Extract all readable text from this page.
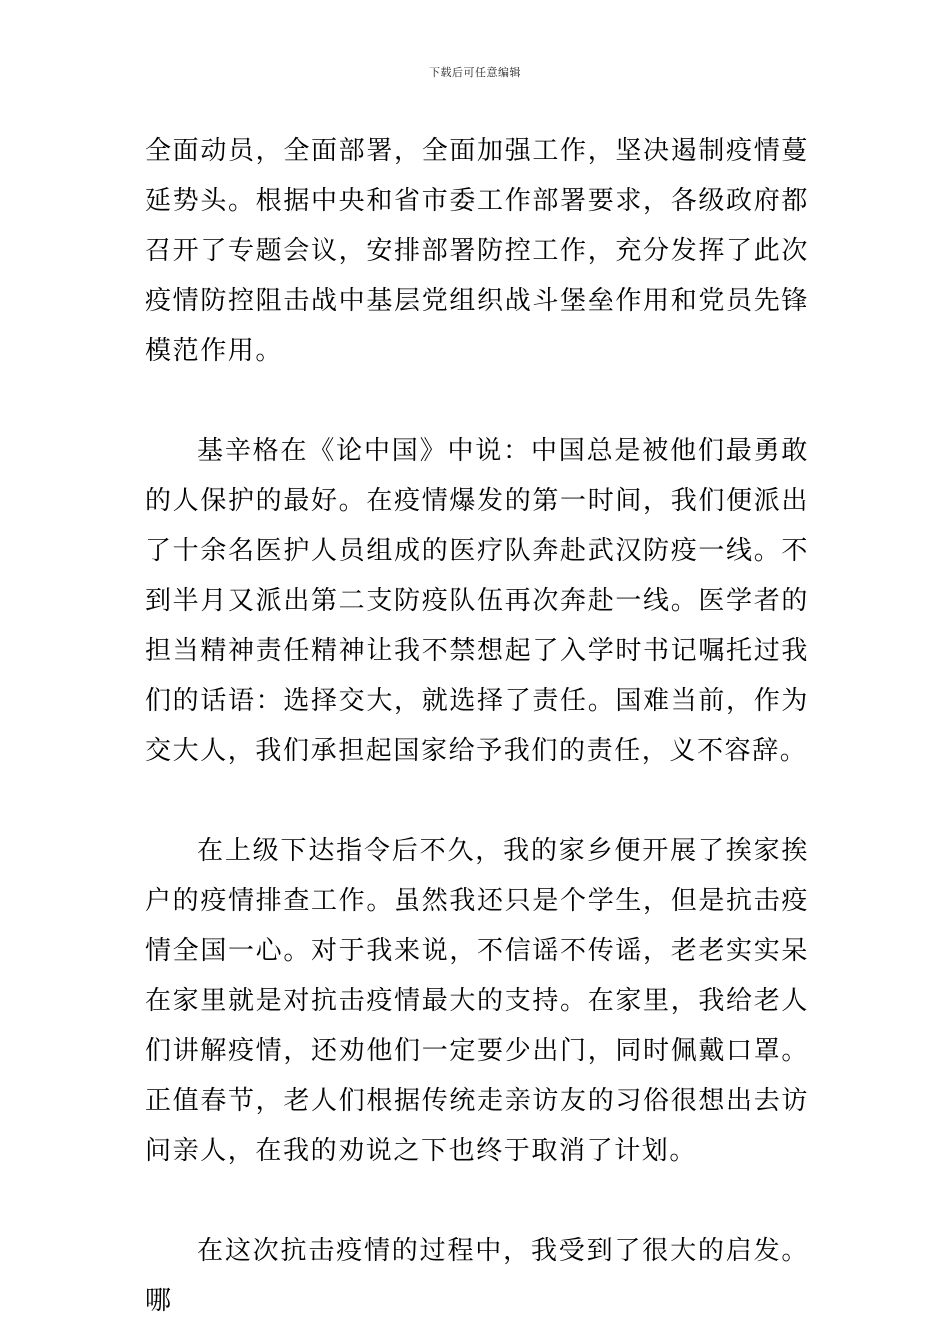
下载后可任意编辑

全面动员，全面部署，全面加强工作，坚决遏制疫情蔓延势头。根据中央和省市委工作部署要求，各级政府都召开了专题会议，安排部署防控工作，充分发挥了此次疫情防控阻击战中基层党组织战斗堡垒作用和党员先锋模范作用。

基辛格在《论中国》中说：中国总是被他们最勇敢的人保护的最好。在疫情爆发的第一时间，我们便派出了十余名医护人员组成的医疗队奔赴武汉防疫一线。不到半月又派出第二支防疫队伍再次奔赴一线。医学者的担当精神责任精神让我不禁想起了入学时书记嘱托过我们的话语：选择交大，就选择了责任。国难当前，作为交大人，我们承担起国家给予我们的责任，义不容辞。

在上级下达指令后不久，我的家乡便开展了挨家挨户的疫情排查工作。虽然我还只是个学生，但是抗击疫情全国一心。对于我来说，不信谣不传谣，老老实实呆在家里就是对抗击疫情最大的支持。在家里，我给老人们讲解疫情，还劝他们一定要少出门，同时佩戴口罩。正值春节，老人们根据传统走亲访友的习俗很想出去访问亲人，在我的劝说之下也终于取消了计划。

在这次抗击疫情的过程中，我受到了很大的启发。哪
